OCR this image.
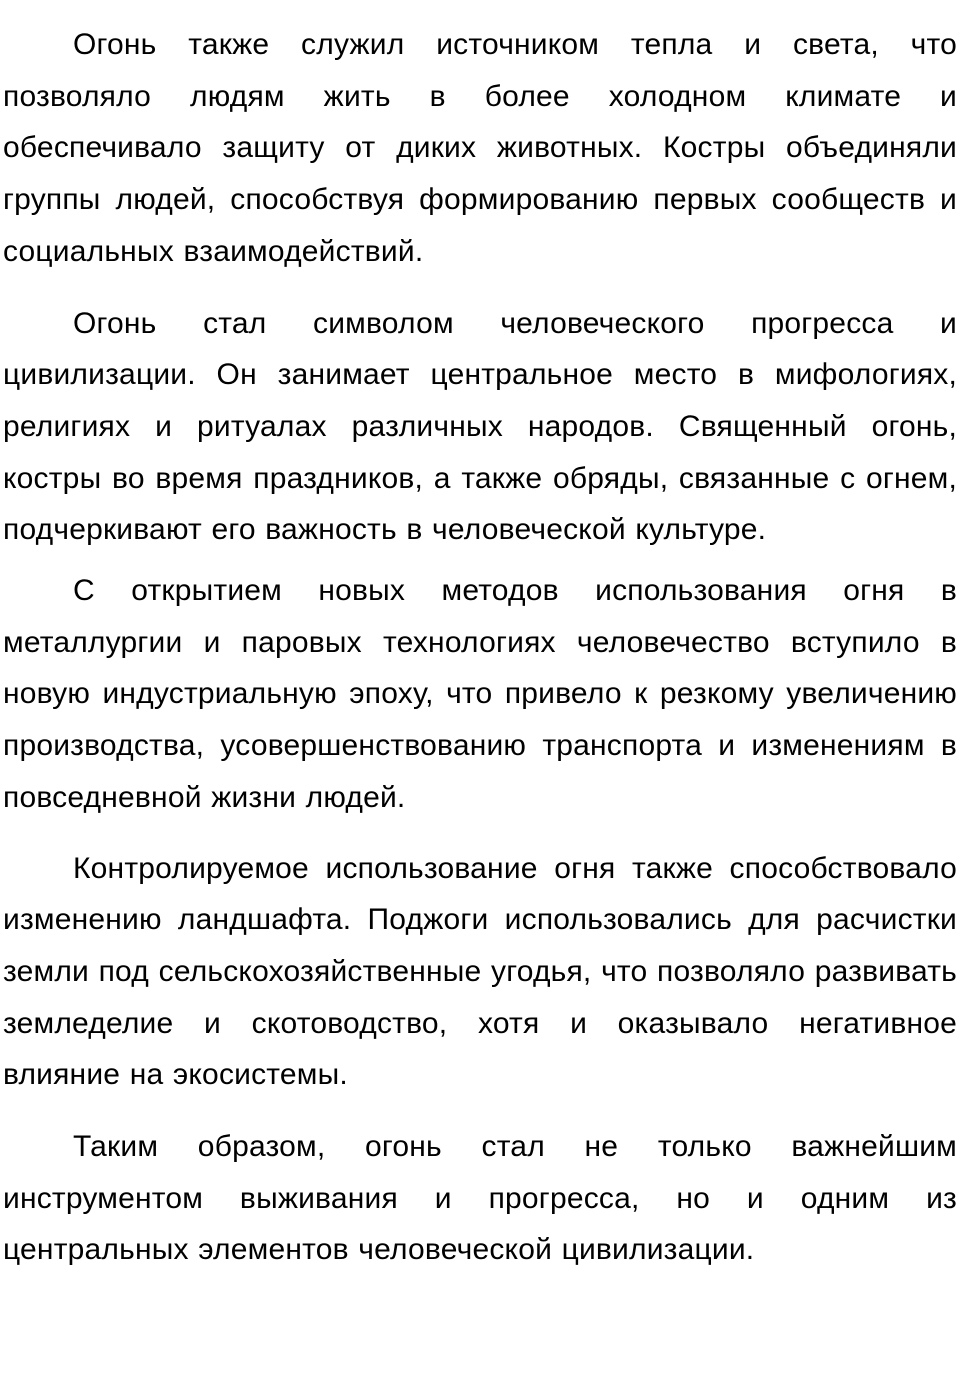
Огонь также служил источником тепла и света, что позволяло людям жить в более холодном климате и обеспечивало защиту от диких животных. Костры объединяли группы людей, способствуя формированию первых сообществ и социальных взаимодействий.

Огонь стал символом человеческого прогресса и цивилизации. Он занимает центральное место в мифологиях, религиях и ритуалах различных народов. Священный огонь, костры во время праздников, а также обряды, связанные с огнем, подчеркивают его важность в человеческой культуре.

С открытием новых методов использования огня в металлургии и паровых технологиях человечество вступило в новую индустриальную эпоху, что привело к резкому увеличению производства, усовершенствованию транспорта и изменениям в повседневной жизни людей.

Контролируемое использование огня также способствовало изменению ландшафта. Поджоги использовались для расчистки земли под сельскохозяйственные угодья, что позволяло развивать земледелие и скотоводство, хотя и оказывало негативное влияние на экосистемы.

Таким образом, огонь стал не только важнейшим инструментом выживания и прогресса, но и одним из центральных элементов человеческой цивилизации.
